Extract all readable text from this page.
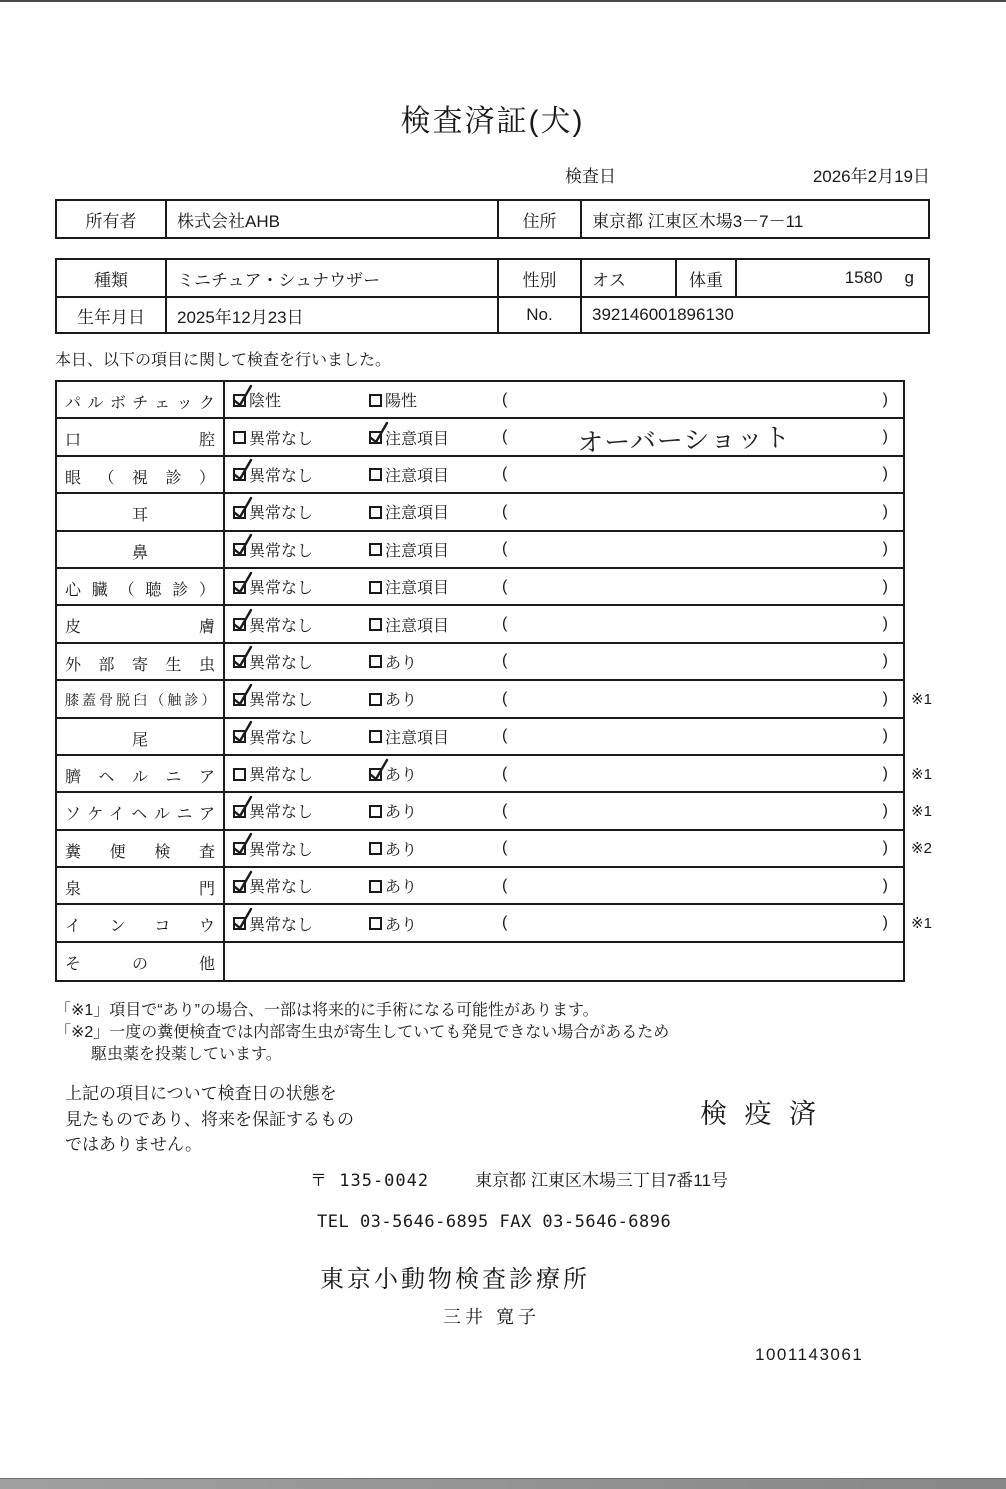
検査済証(犬)
検査日	2026年2月19日
所有者	株式会社AHB	住所	東京都 江東区木場3－7－11
種類	ミニチュア・シュナウザー	性別	オス	体重	1580 g
生年月日	2025年12月23日	No.	392146001896130
本日、以下の項目に関して検査を行いました。
パルボチェック	陰性	陽性	(	)
口腔	異常なし	注意項目	(	オーバーショット	)
眼（視診）	異常なし	注意項目	(	)
耳	異常なし	注意項目	(	)
鼻	異常なし	注意項目	(	)
心臓（聴診）	異常なし	注意項目	(	)
皮膚	異常なし	注意項目	(	)
外部寄生虫	異常なし	あり	(	)
膝蓋骨脱臼（触診）	異常なし	あり	(	) ※1
尾	異常なし	注意項目	(	)
臍ヘルニア	異常なし	あり	(	) ※1
ソケイヘルニア	異常なし	あり	(	) ※1
糞便検査	異常なし	あり	(	) ※2
泉門	異常なし	あり	(	)
インコウ	異常なし	あり	(	) ※1
その他
「※1」項目で“あり”の場合、一部は将来的に手術になる可能性があります。
「※2」一度の糞便検査では内部寄生虫が寄生していても発見できない場合があるため
駆虫薬を投薬しています。
上記の項目について検査日の状態を
見たものであり、将来を保証するもの
ではありません。
〒 135-0042	東京都 江東区木場三丁目7番11号
TEL 03-5646-6895 FAX 03-5646-6896
東京小動物検査診療所
三井 寛子
1001143061
検 疫 済
